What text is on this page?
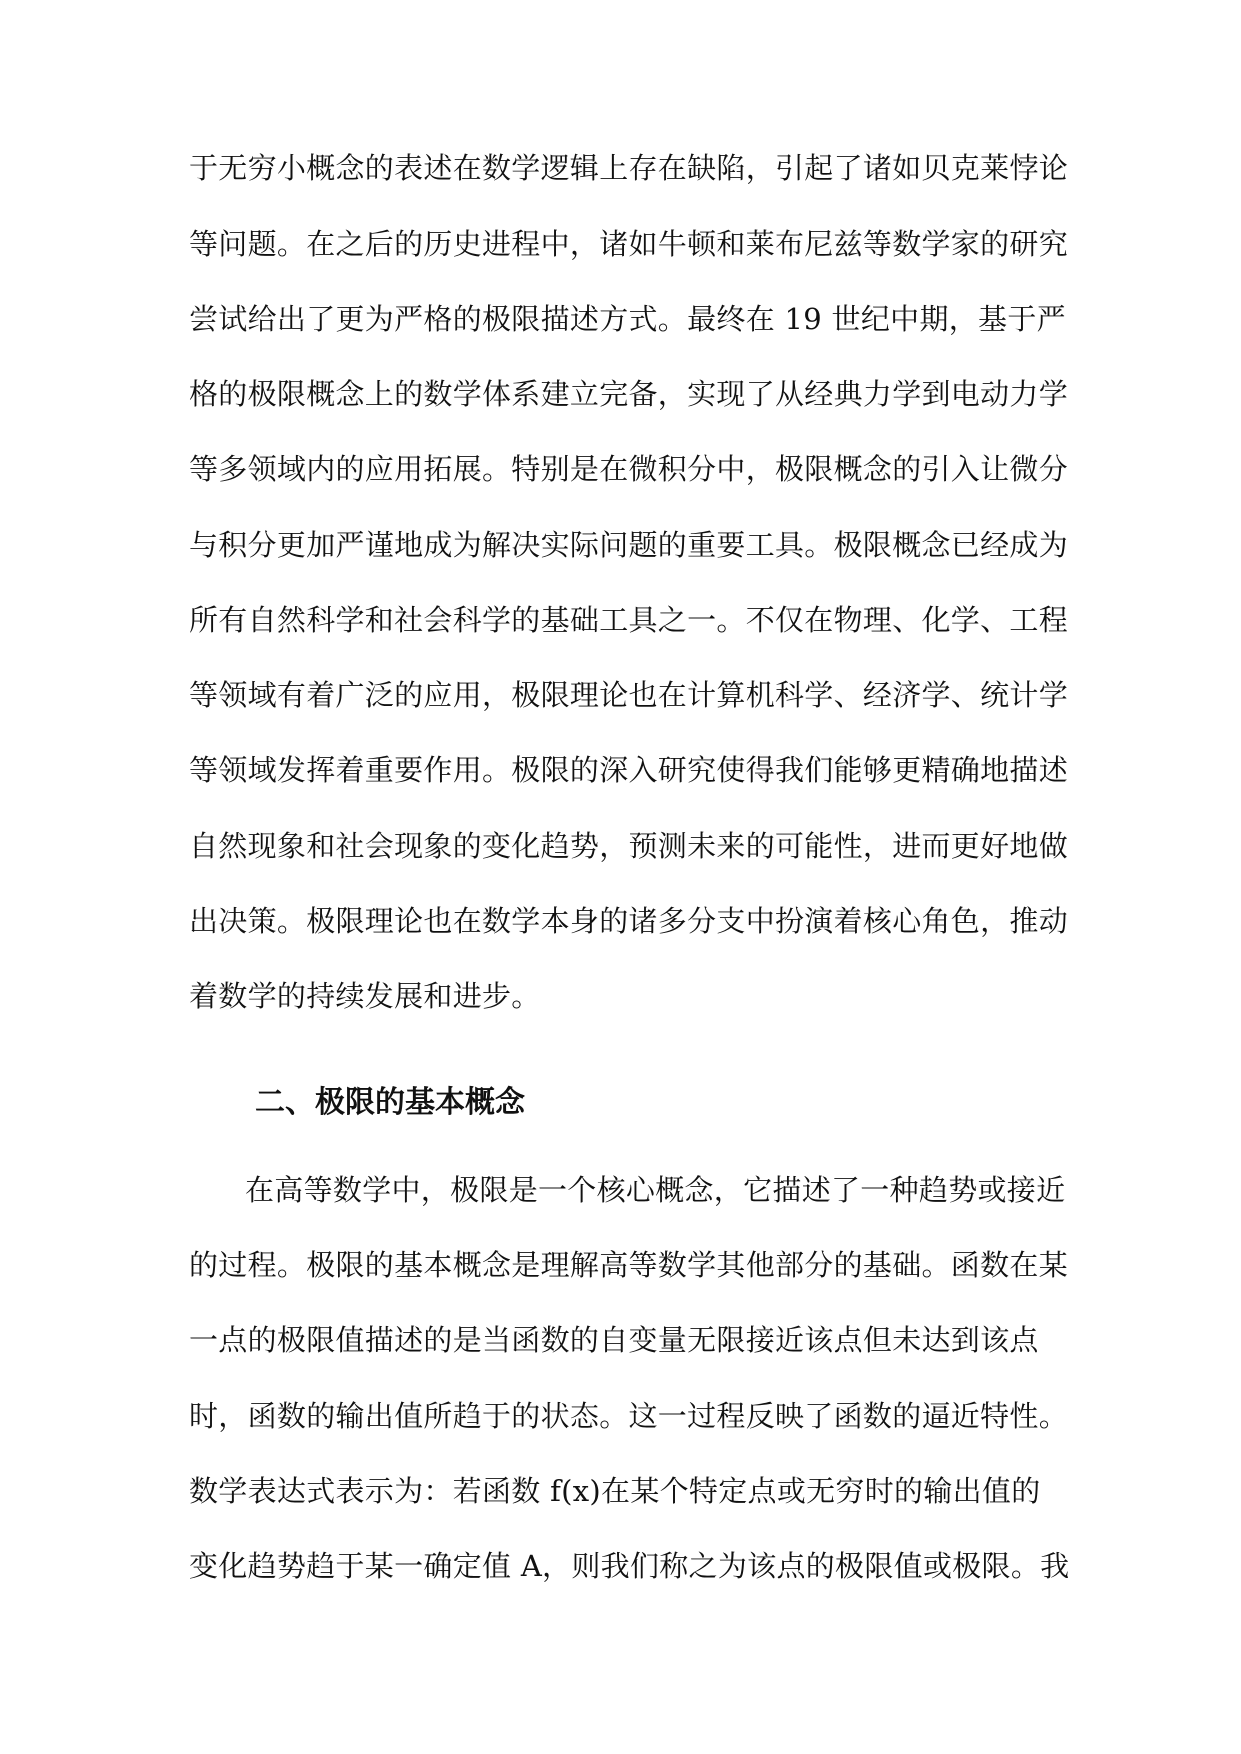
于无穷小概念的表述在数学逻辑上存在缺陷，引起了诸如贝克莱悖论
等问题。在之后的历史进程中，诸如牛顿和莱布尼兹等数学家的研究
尝试给出了更为严格的极限描述方式。最终在 19 世纪中期，基于严
格的极限概念上的数学体系建立完备，实现了从经典力学到电动力学
等多领域内的应用拓展。特别是在微积分中，极限概念的引入让微分
与积分更加严谨地成为解决实际问题的重要工具。极限概念已经成为
所有自然科学和社会科学的基础工具之一。不仅在物理、化学、工程
等领域有着广泛的应用，极限理论也在计算机科学、经济学、统计学
等领域发挥着重要作用。极限的深入研究使得我们能够更精确地描述
自然现象和社会现象的变化趋势，预测未来的可能性，进而更好地做
出决策。极限理论也在数学本身的诸多分支中扮演着核心角色，推动
着数学的持续发展和进步。
二、极限的基本概念
在高等数学中，极限是一个核心概念，它描述了一种趋势或接近
的过程。极限的基本概念是理解高等数学其他部分的基础。函数在某
一点的极限值描述的是当函数的自变量无限接近该点但未达到该点
时，函数的输出值所趋于的状态。这一过程反映了函数的逼近特性。
数学表达式表示为：若函数 f(x)在某个特定点或无穷时的输出值的
变化趋势趋于某一确定值 A，则我们称之为该点的极限值或极限。我
